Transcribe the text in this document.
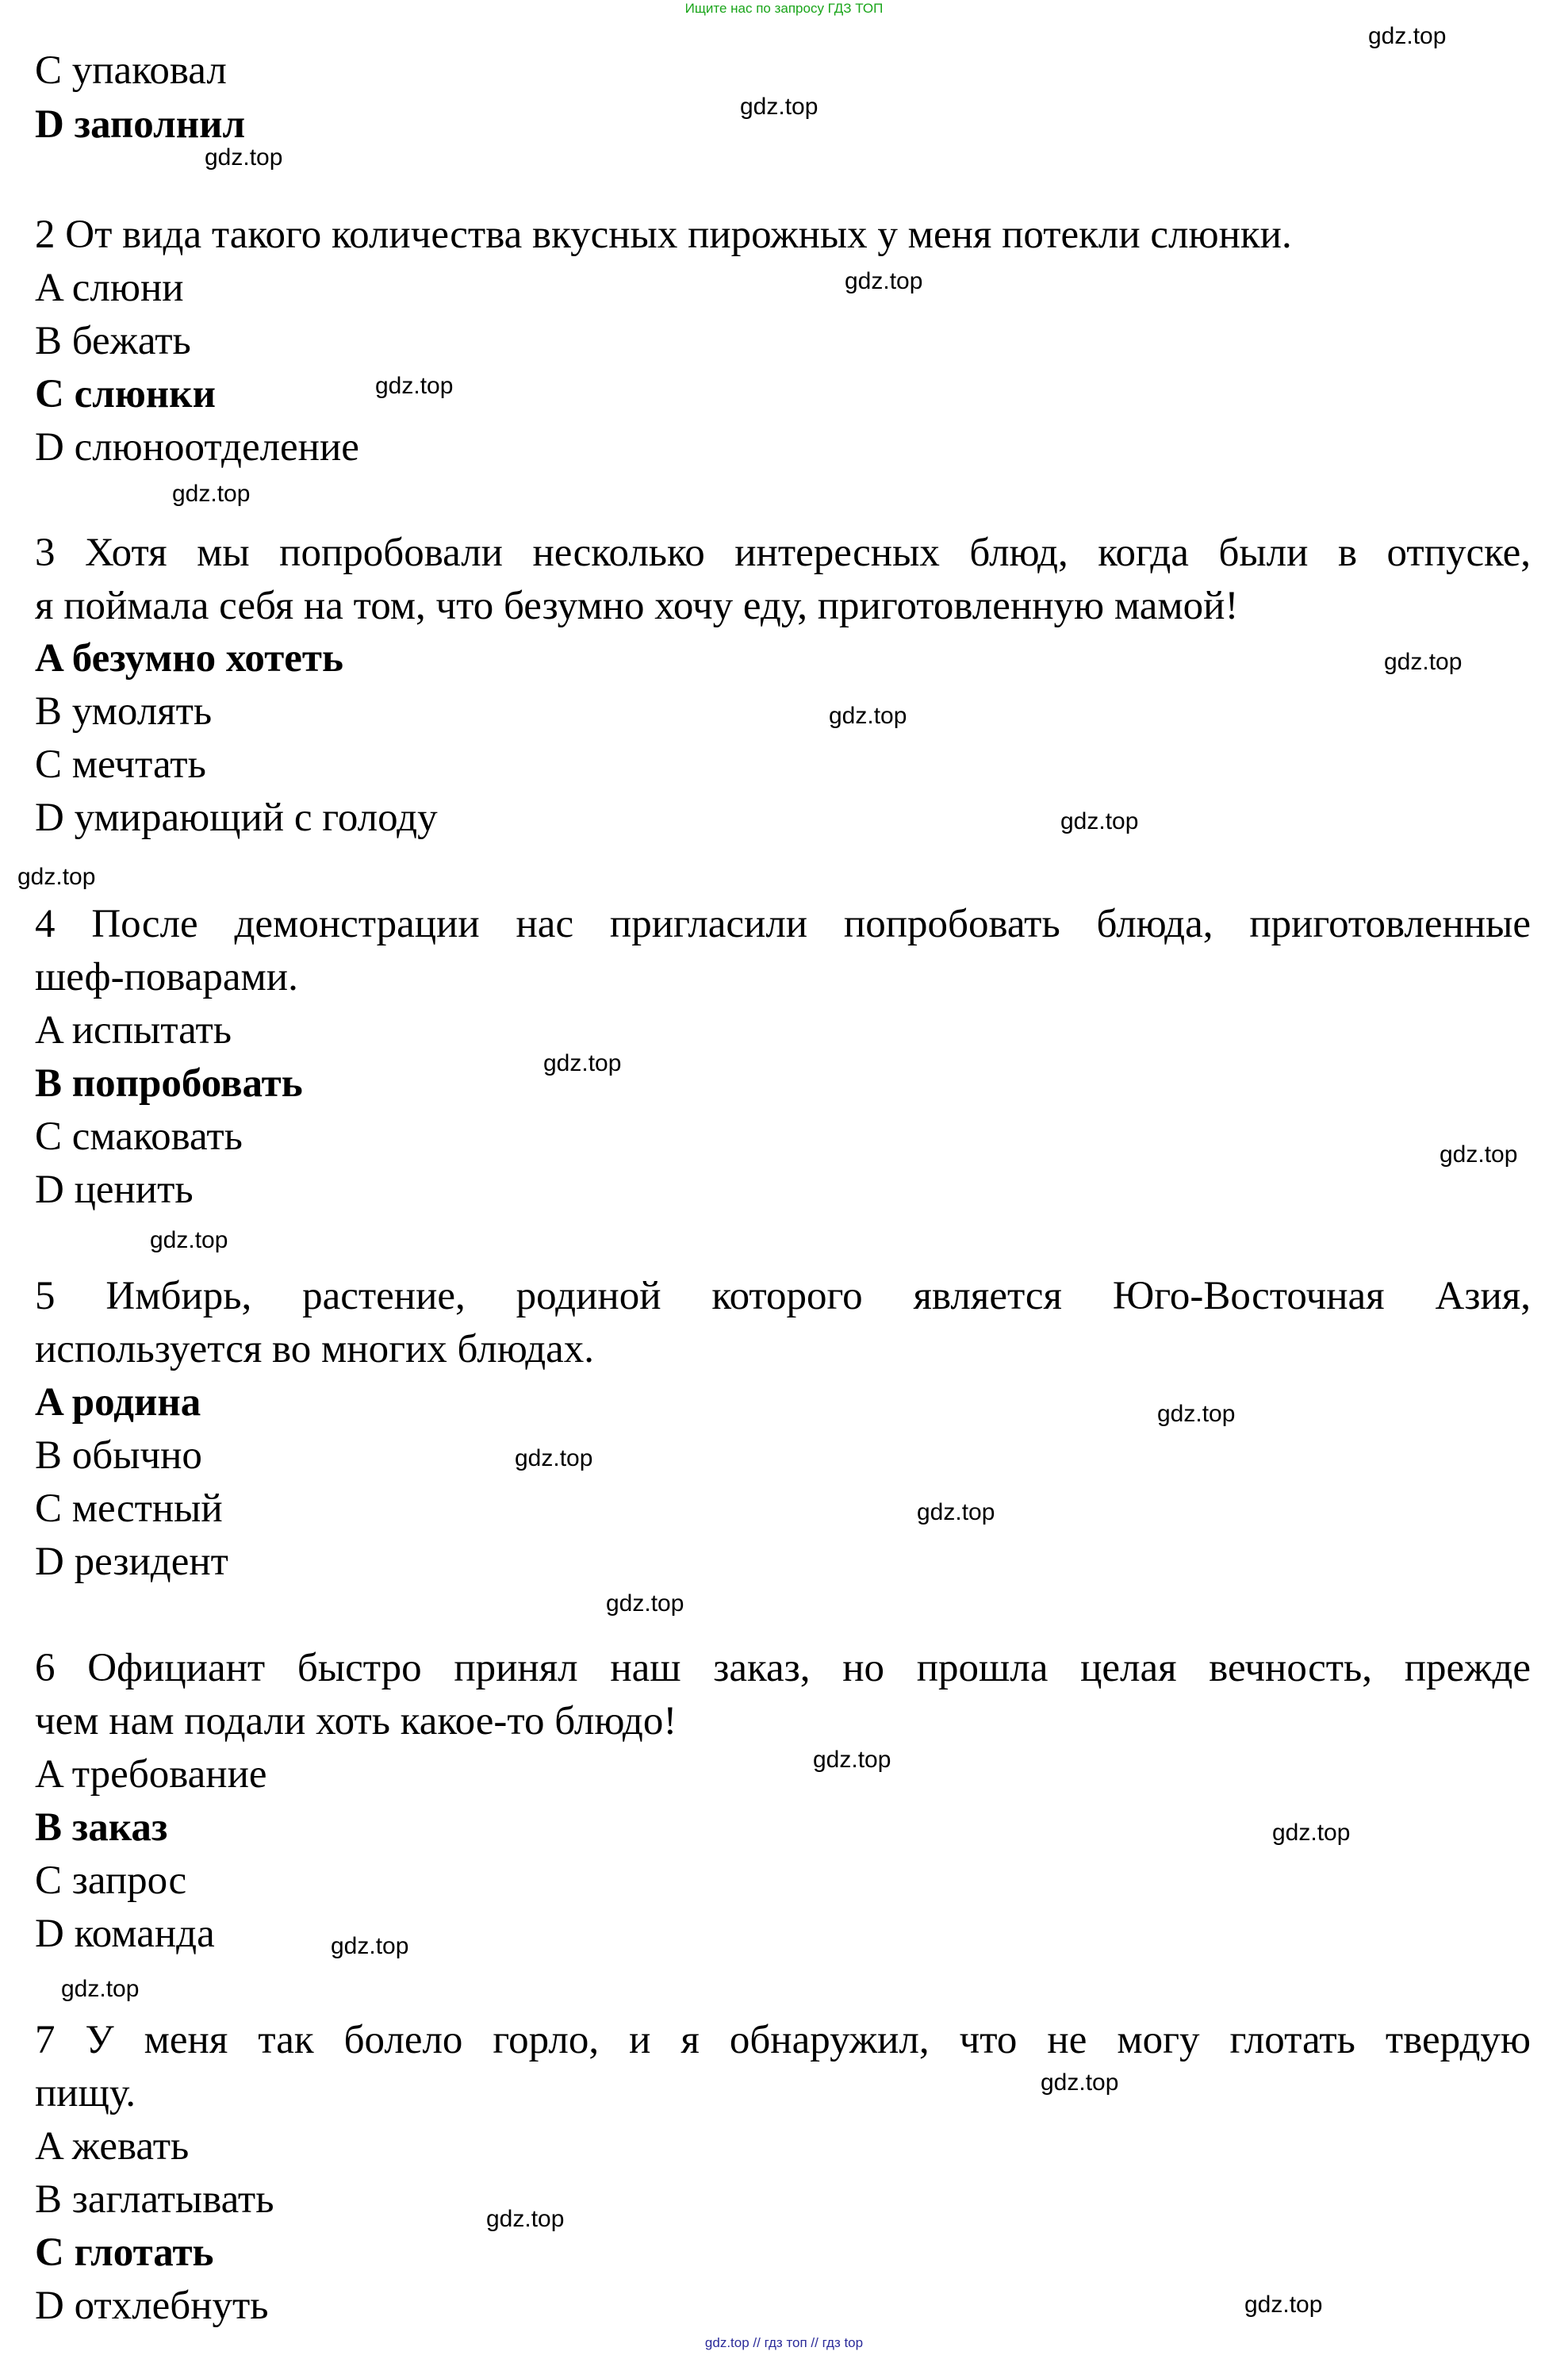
Ищите нас по запросу ГДЗ ТОП

C упаковал

D заполнил

2 От вида такого количества вкусных пирожных у меня потекли слюнки.

A слюни

B бежать

C слюнки

D слюноотделение

3 Хотя мы попробовали несколько интересных блюд, когда были в отпуске,

я поймала себя на том, что безумно хочу еду, приготовленную мамой!

A безумно хотеть

B умолять

C мечтать

D умирающий с голоду

4 После демонстрации нас пригласили попробовать блюда, приготовленные

шеф-поварами.

A испытать

B попробовать

C смаковать

D ценить

5 Имбирь, растение, родиной которого является Юго-Восточная Азия,

используется во многих блюдах.

A родина

B обычно

C местный

D резидент

6 Официант быстро принял наш заказ, но прошла целая вечность, прежде

чем нам подали хоть какое-то блюдо!

A требование

B заказ

C запрос

D команда

7 У меня так болело горло, и я обнаружил, что не могу глотать твердую

пищу.

A жевать

B заглатывать

C глотать

D отхлебнуть

gdz.top
gdz.top
gdz.top
gdz.top
gdz.top
gdz.top
gdz.top
gdz.top
gdz.top
gdz.top
gdz.top
gdz.top
gdz.top
gdz.top
gdz.top
gdz.top
gdz.top
gdz.top
gdz.top
gdz.top
gdz.top
gdz.top
gdz.top
gdz.top
gdz.top // гдз топ // гдз top
